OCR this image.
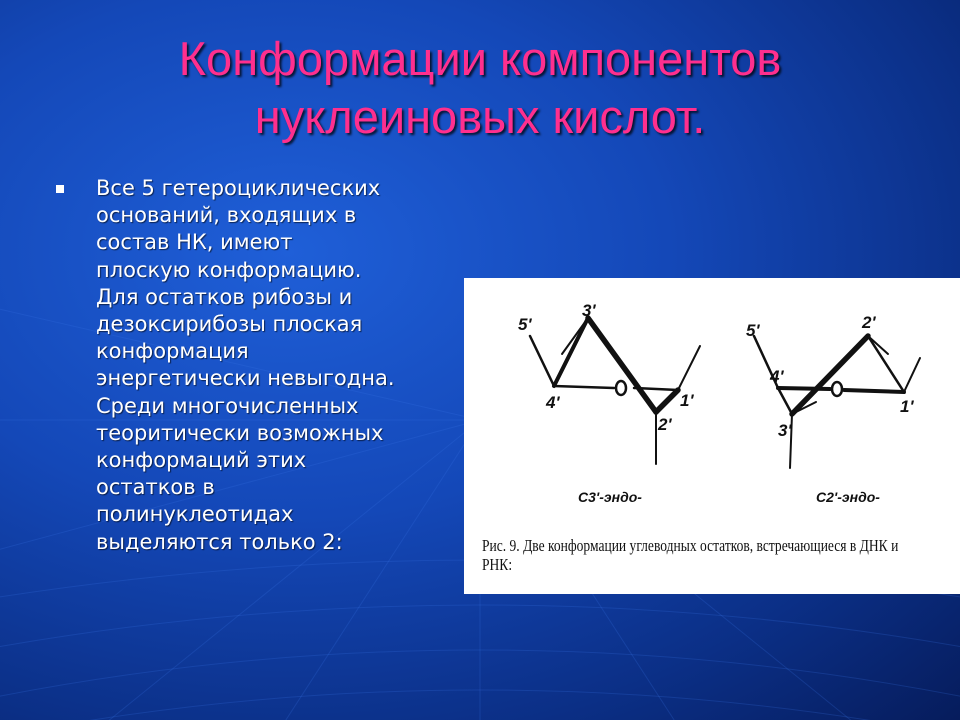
Конформации компонентов
нуклеиновых кислот.
Все 5 гетероциклических
оснований, входящих в
состав НК, имеют
плоскую конформацию.
Для остатков рибозы и
дезоксирибозы плоская
конформация
энергетически невыгодна.
Среди многочисленных
теоритически возможных
конформаций этих
остатков в
полинуклеотидах
выделяются только 2:
5'
3'
4'	1'
2'
С3'-эндо-
5'	2'
4'
1'
3'
С2'-эндо-
Рис. 9. Две конформации углеводных остатков, встречающиеся в ДНК и
РНК:
